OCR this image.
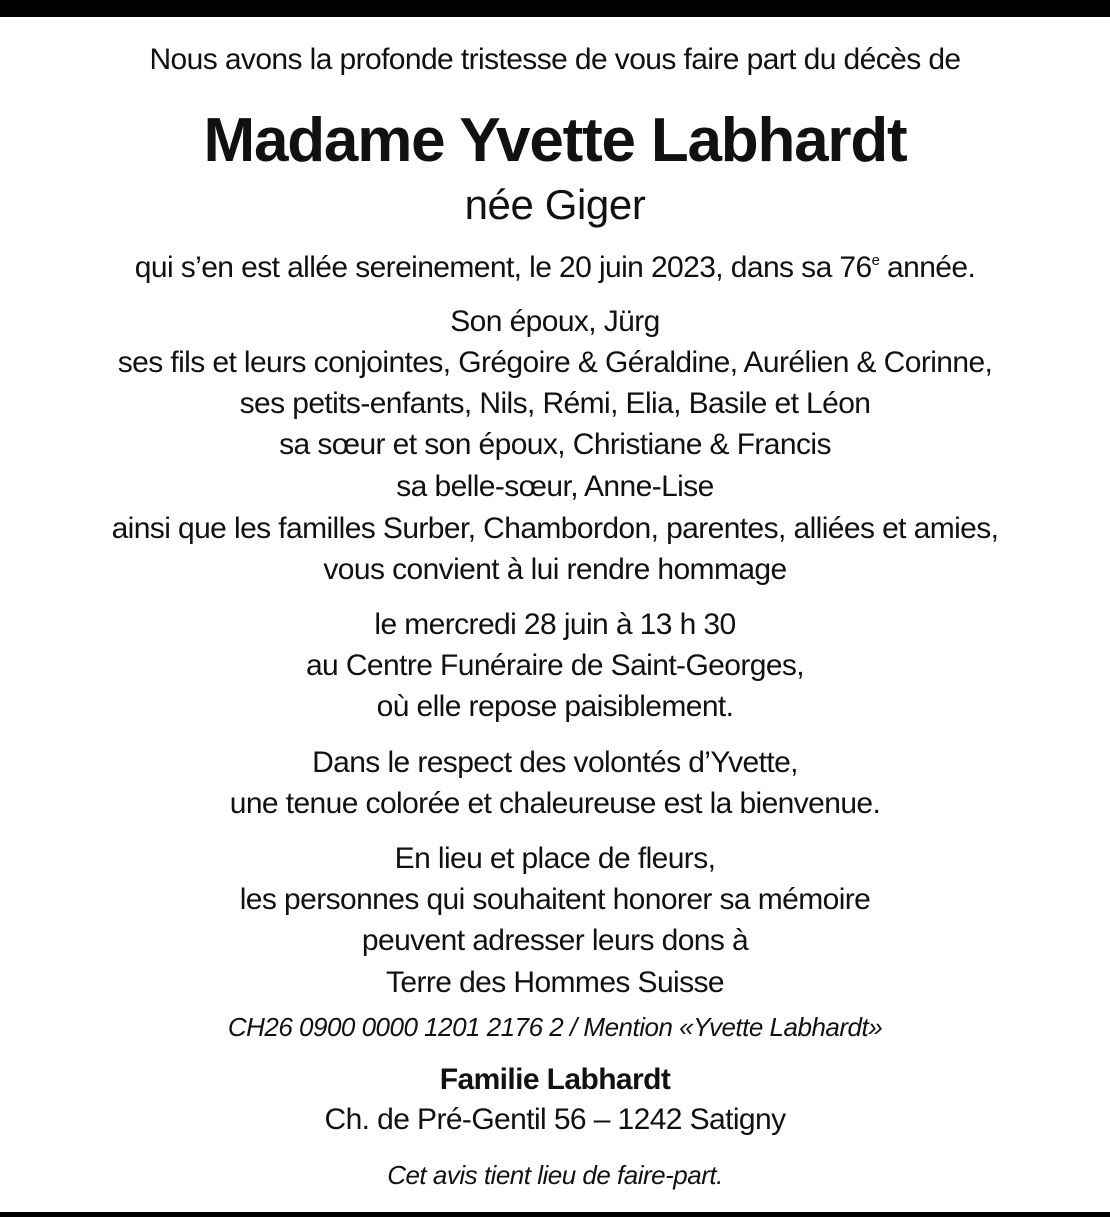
Nous avons la profonde tristesse de vous faire part du décès de
Madame Yvette Labhardt
née Giger
qui s’en est allée sereinement, le 20 juin 2023, dans sa 76e année.
Son époux, Jürg
ses fils et leurs conjointes, Grégoire & Géraldine, Aurélien & Corinne,
ses petits-enfants, Nils, Rémi, Elia, Basile et Léon
sa sœur et son époux, Christiane & Francis
sa belle-sœur, Anne-Lise
ainsi que les familles Surber, Chambordon, parentes, alliées et amies,
vous convient à lui rendre hommage
le mercredi 28 juin à 13 h 30
au Centre Funéraire de Saint-Georges,
où elle repose paisiblement.
Dans le respect des volontés d’Yvette,
une tenue colorée et chaleureuse est la bienvenue.
En lieu et place de fleurs,
les personnes qui souhaitent honorer sa mémoire
peuvent adresser leurs dons à
Terre des Hommes Suisse
CH26 0900 0000 1201 2176 2 / Mention «Yvette Labhardt»
Familie Labhardt
Ch. de Pré-Gentil 56 – 1242 Satigny
Cet avis tient lieu de faire-part.
